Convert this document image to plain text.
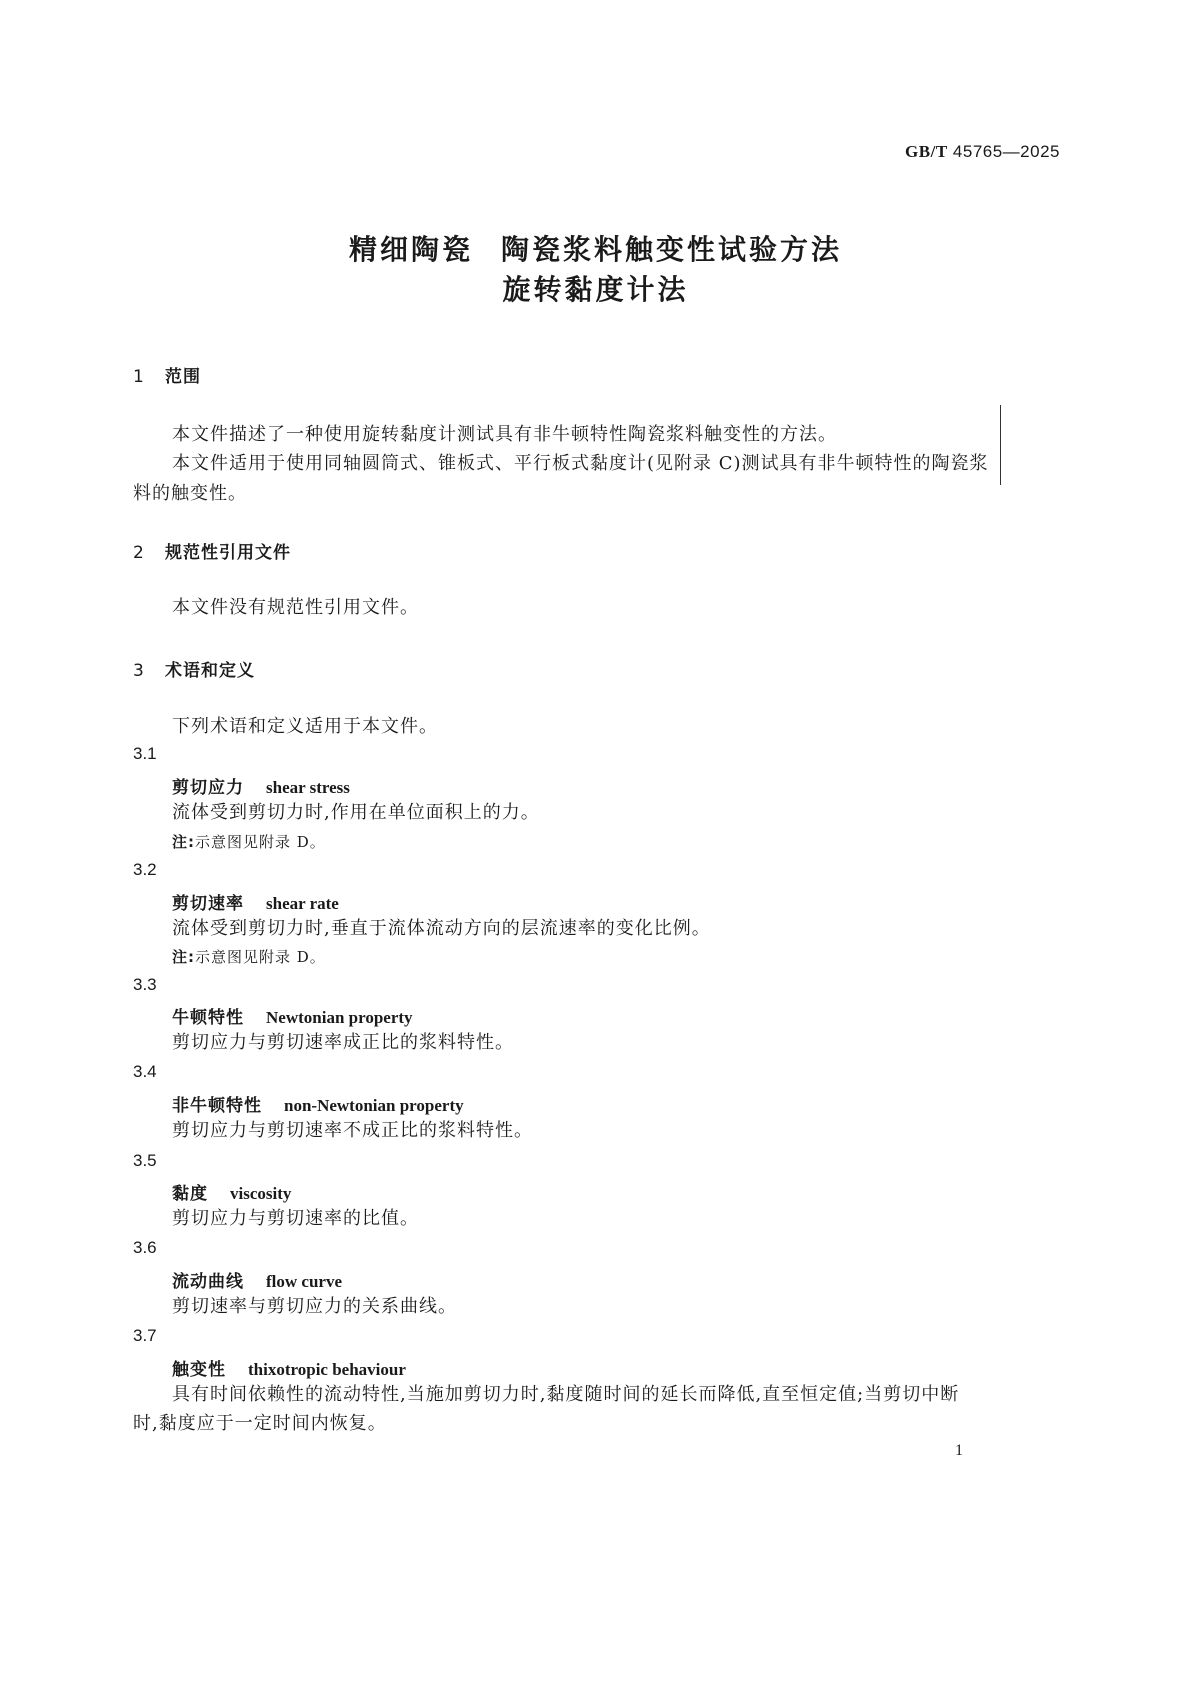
GB/T 45765—2025
精细陶瓷 陶瓷浆料触变性试验方法
旋转黏度计法
1 范围
本文件描述了一种使用旋转黏度计测试具有非牛顿特性陶瓷浆料触变性的方法。
本文件适用于使用同轴圆筒式、锥板式、平行板式黏度计(见附录 C)测试具有非牛顿特性的陶瓷浆
料的触变性。
2 规范性引用文件
本文件没有规范性引用文件。
3 术语和定义
下列术语和定义适用于本文件。
3.1
剪切应力 shear stress
流体受到剪切力时,作用在单位面积上的力。
注:示意图见附录 D。
3.2
剪切速率 shear rate
流体受到剪切力时,垂直于流体流动方向的层流速率的变化比例。
注:示意图见附录 D。
3.3
牛顿特性 Newtonian property
剪切应力与剪切速率成正比的浆料特性。
3.4
非牛顿特性 non-Newtonian property
剪切应力与剪切速率不成正比的浆料特性。
3.5
黏度 viscosity
剪切应力与剪切速率的比值。
3.6
流动曲线 flow curve
剪切速率与剪切应力的关系曲线。
3.7
触变性 thixotropic behaviour
具有时间依赖性的流动特性,当施加剪切力时,黏度随时间的延长而降低,直至恒定值;当剪切中断
时,黏度应于一定时间内恢复。
1
